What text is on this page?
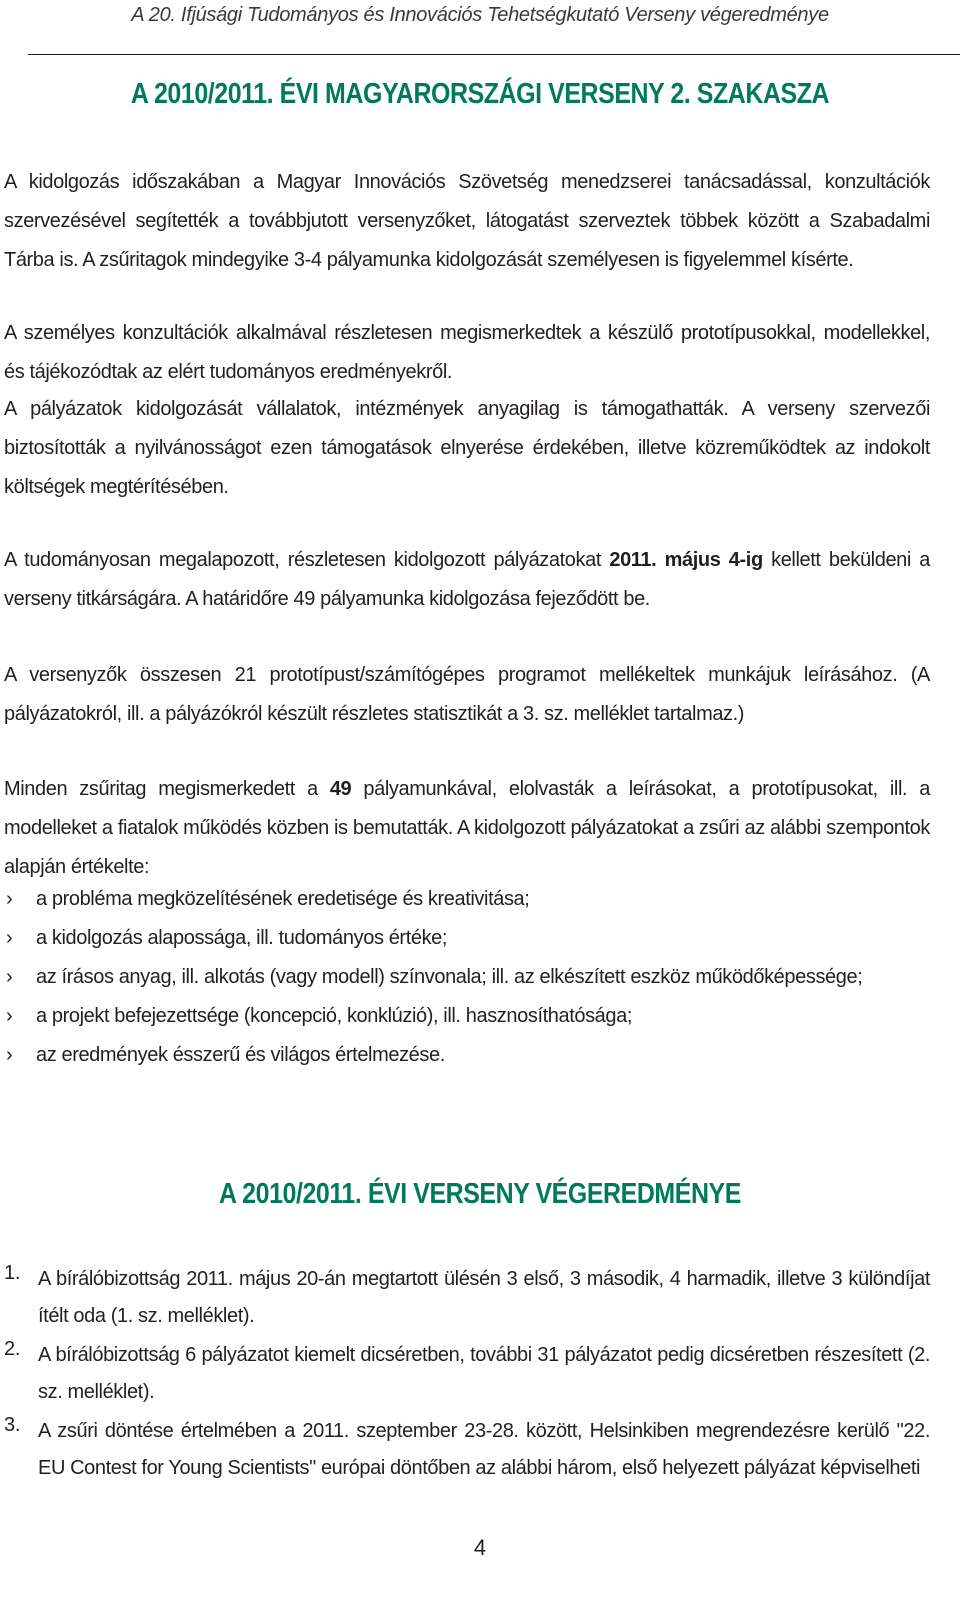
A 20. Ifjúsági Tudományos és Innovációs Tehetségkutató Verseny végeredménye
A 2010/2011. ÉVI MAGYARORSZÁGI VERSENY 2. SZAKASZA
A kidolgozás időszakában a Magyar Innovációs Szövetség menedzserei tanácsadással, konzultációk szervezésével segítették a továbbjutott versenyzőket, látogatást szerveztek többek között a Szabadalmi Tárba is. A zsűritagok mindegyike 3-4 pályamunka kidolgozását személyesen is figyelemmel kísérte.
A személyes konzultációk alkalmával részletesen megismerkedtek a készülő prototípusokkal, modellekkel, és tájékozódtak az elért tudományos eredményekről.
A pályázatok kidolgozását vállalatok, intézmények anyagilag is támogathatták. A verseny szervezői biztosították a nyilvánosságot ezen támogatások elnyerése érdekében, illetve közreműködtek az indokolt költségek megtérítésében.
A tudományosan megalapozott, részletesen kidolgozott pályázatokat 2011. május 4-ig kellett beküldeni a verseny titkárságára. A határidőre 49 pályamunka kidolgozása fejeződött be.
A versenyzők összesen 21 prototípust/számítógépes programot mellékeltek munkájuk leírásához. (A pályázatokról, ill. a pályázókról készült részletes statisztikát a 3. sz. melléklet tartalmaz.)
Minden zsűritag megismerkedett a 49 pályamunkával, elolvasták a leírásokat, a prototípusokat, ill. a modelleket a fiatalok működés közben is bemutatták. A kidolgozott pályázatokat a zsűri az alábbi szempontok alapján értékelte:
› a probléma megközelítésének eredetisége és kreativitása;
› a kidolgozás alapossága, ill. tudományos értéke;
› az írásos anyag, ill. alkotás (vagy modell) színvonala; ill. az elkészített eszköz működőképessége;
› a projekt befejezettsége (koncepció, konklúzió), ill. hasznosíthatósága;
› az eredmények ésszerű és világos értelmezése.
A 2010/2011. ÉVI VERSENY VÉGEREDMÉNYE
1. A bírálóbizottság 2011. május 20-án megtartott ülésén 3 első, 3 második, 4 harmadik, illetve 3 különdíjat ítélt oda (1. sz. melléklet).
2. A bírálóbizottság 6 pályázatot kiemelt dicséretben, további 31 pályázatot pedig dicséretben részesített (2. sz. melléklet).
3. A zsűri döntése értelmében a 2011. szeptember 23-28. között, Helsinkiben megrendezésre kerülő "22. EU Contest for Young Scientists" európai döntőben az alábbi három, első helyezett pályázat képviselheti
4
